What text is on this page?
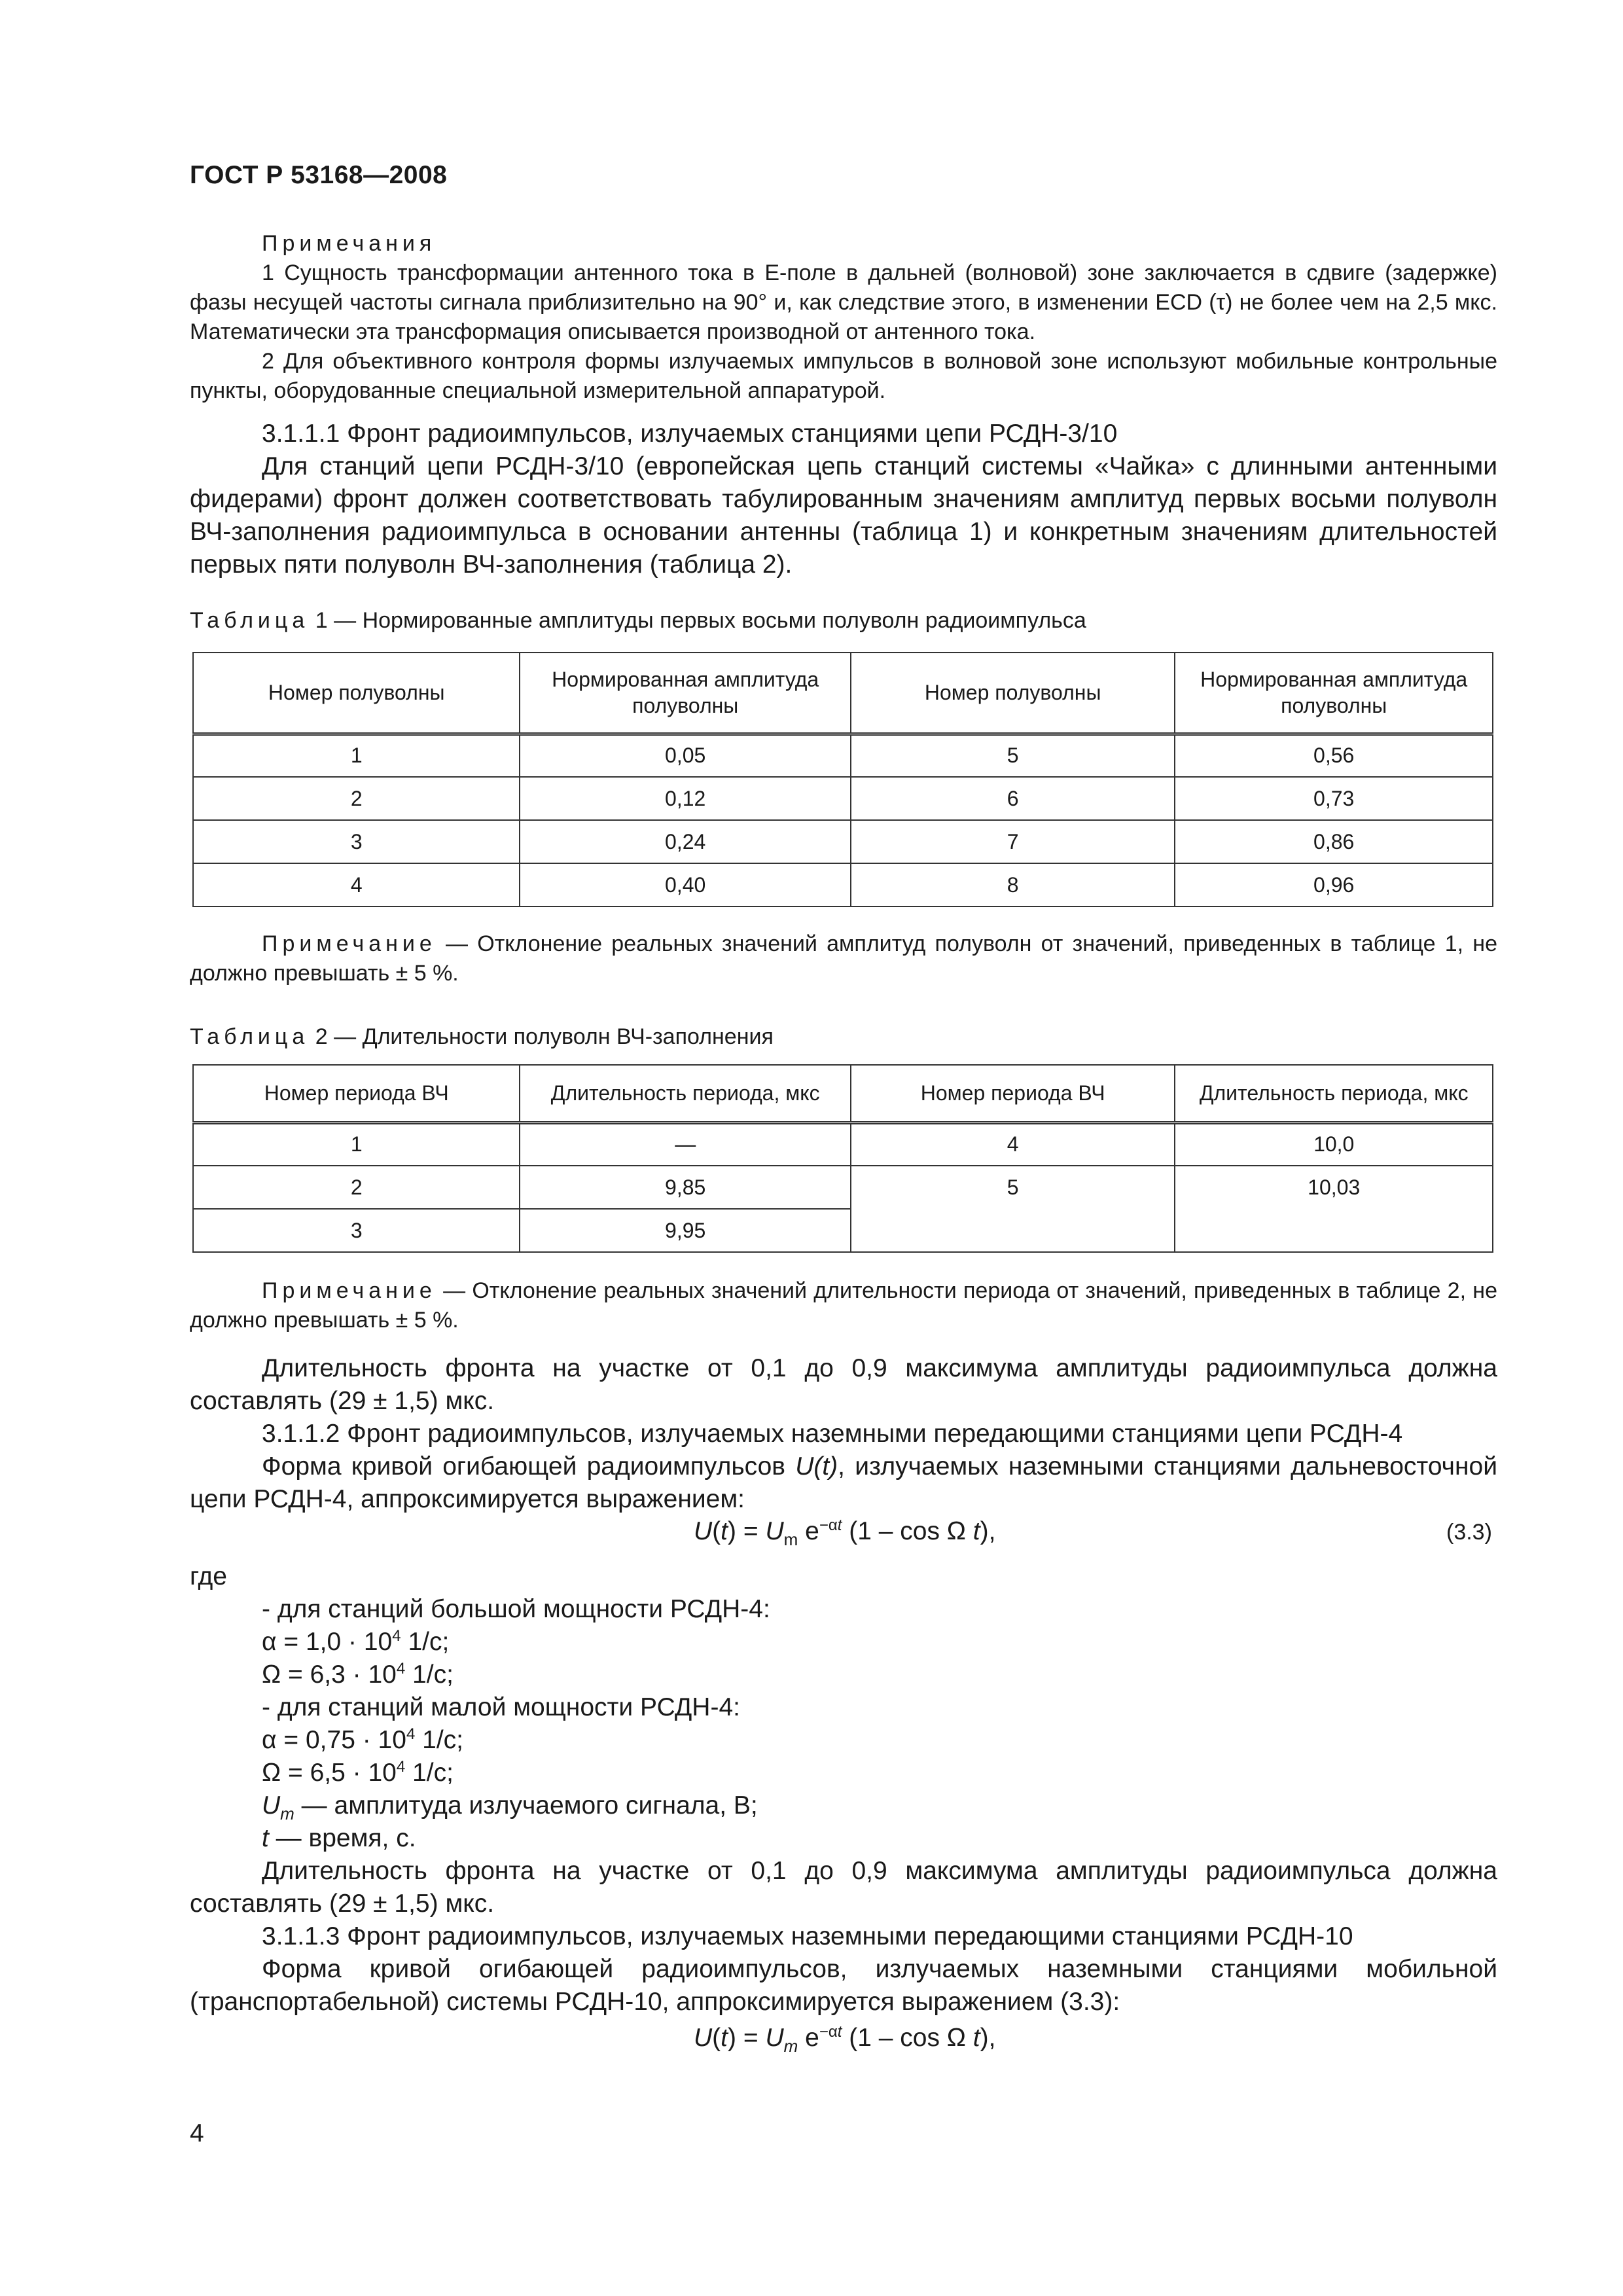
ГОСТ Р 53168—2008

Примечания

1 Сущность трансформации антенного тока в Е-поле в дальней (волновой) зоне заключается в сдвиге (задержке) фазы несущей частоты сигнала приблизительно на 90° и, как следствие этого, в изменении ECD (τ) не более чем на 2,5 мкс. Математически эта трансформация описывается производной от антенного тока.

2 Для объективного контроля формы излучаемых импульсов в волновой зоне используют мобильные контрольные пункты, оборудованные специальной измерительной аппаратурой.

3.1.1.1 Фронт радиоимпульсов, излучаемых станциями цепи РСДН-3/10

Для станций цепи РСДН-3/10 (европейская цепь станций системы «Чайка» с длинными антенными фидерами) фронт должен соответствовать табулированным значениям амплитуд первых восьми полуволн ВЧ-заполнения радиоимпульса в основании антенны (таблица 1) и конкретным значениям длительностей первых пяти полуволн ВЧ-заполнения (таблица 2).

Таблица 1 — Нормированные амплитуды первых восьми полуволн радиоимпульса

Номер полуволны	Нормированная амплитуда полуволны	Номер полуволны	Нормированная амплитуда полуволны
1	0,05	5	0,56
2	0,12	6	0,73
3	0,24	7	0,86
4	0,40	8	0,96

Примечание — Отклонение реальных значений амплитуд полуволн от значений, приведенных в таблице 1, не должно превышать ± 5 %.

Таблица 2 — Длительности полуволн ВЧ-заполнения

Номер периода ВЧ	Длительность периода, мкс	Номер периода ВЧ	Длительность периода, мкс
1	—	4	10,0
2	9,85	5	10,03
3	9,95		

Примечание — Отклонение реальных значений длительности периода от значений, приведенных в таблице 2, не должно превышать ± 5 %.

Длительность фронта на участке от 0,1 до 0,9 максимума амплитуды радиоимпульса должна составлять (29 ± 1,5) мкс.

3.1.1.2 Фронт радиоимпульсов, излучаемых наземными передающими станциями цепи РСДН-4

Форма кривой огибающей радиоимпульсов U(t), излучаемых наземными станциями дальневосточной цепи РСДН-4, аппроксимируется выражением:

$U(t) = U_m$ $e^{-\alpha t}$ (1 – cos Ω t),	(3.3)

где

- для станций большой мощности РСДН-4:

$\alpha = 1,0 \cdot 10^4$ 1/с;

$\Omega = 6,3 \cdot 10^4$ 1/с;

- для станций малой мощности РСДН-4:

$\alpha = 0,75 \cdot 10^4$ 1/с;

$\Omega = 6,5 \cdot 10^4$ 1/с;

$U_m$ — амплитуда излучаемого сигнала, В;

t — время, с.

Длительность фронта на участке от 0,1 до 0,9 максимума амплитуды радиоимпульса должна составлять (29 ± 1,5) мкс.

3.1.1.3 Фронт радиоимпульсов, излучаемых наземными передающими станциями РСДН-10

Форма кривой огибающей радиоимпульсов, излучаемых наземными станциями мобильной (транспортабельной) системы РСДН-10, аппроксимируется выражением (3.3):

$U(t) = U_m$ $e^{-\alpha t}$ (1 – cos Ω t),
4
